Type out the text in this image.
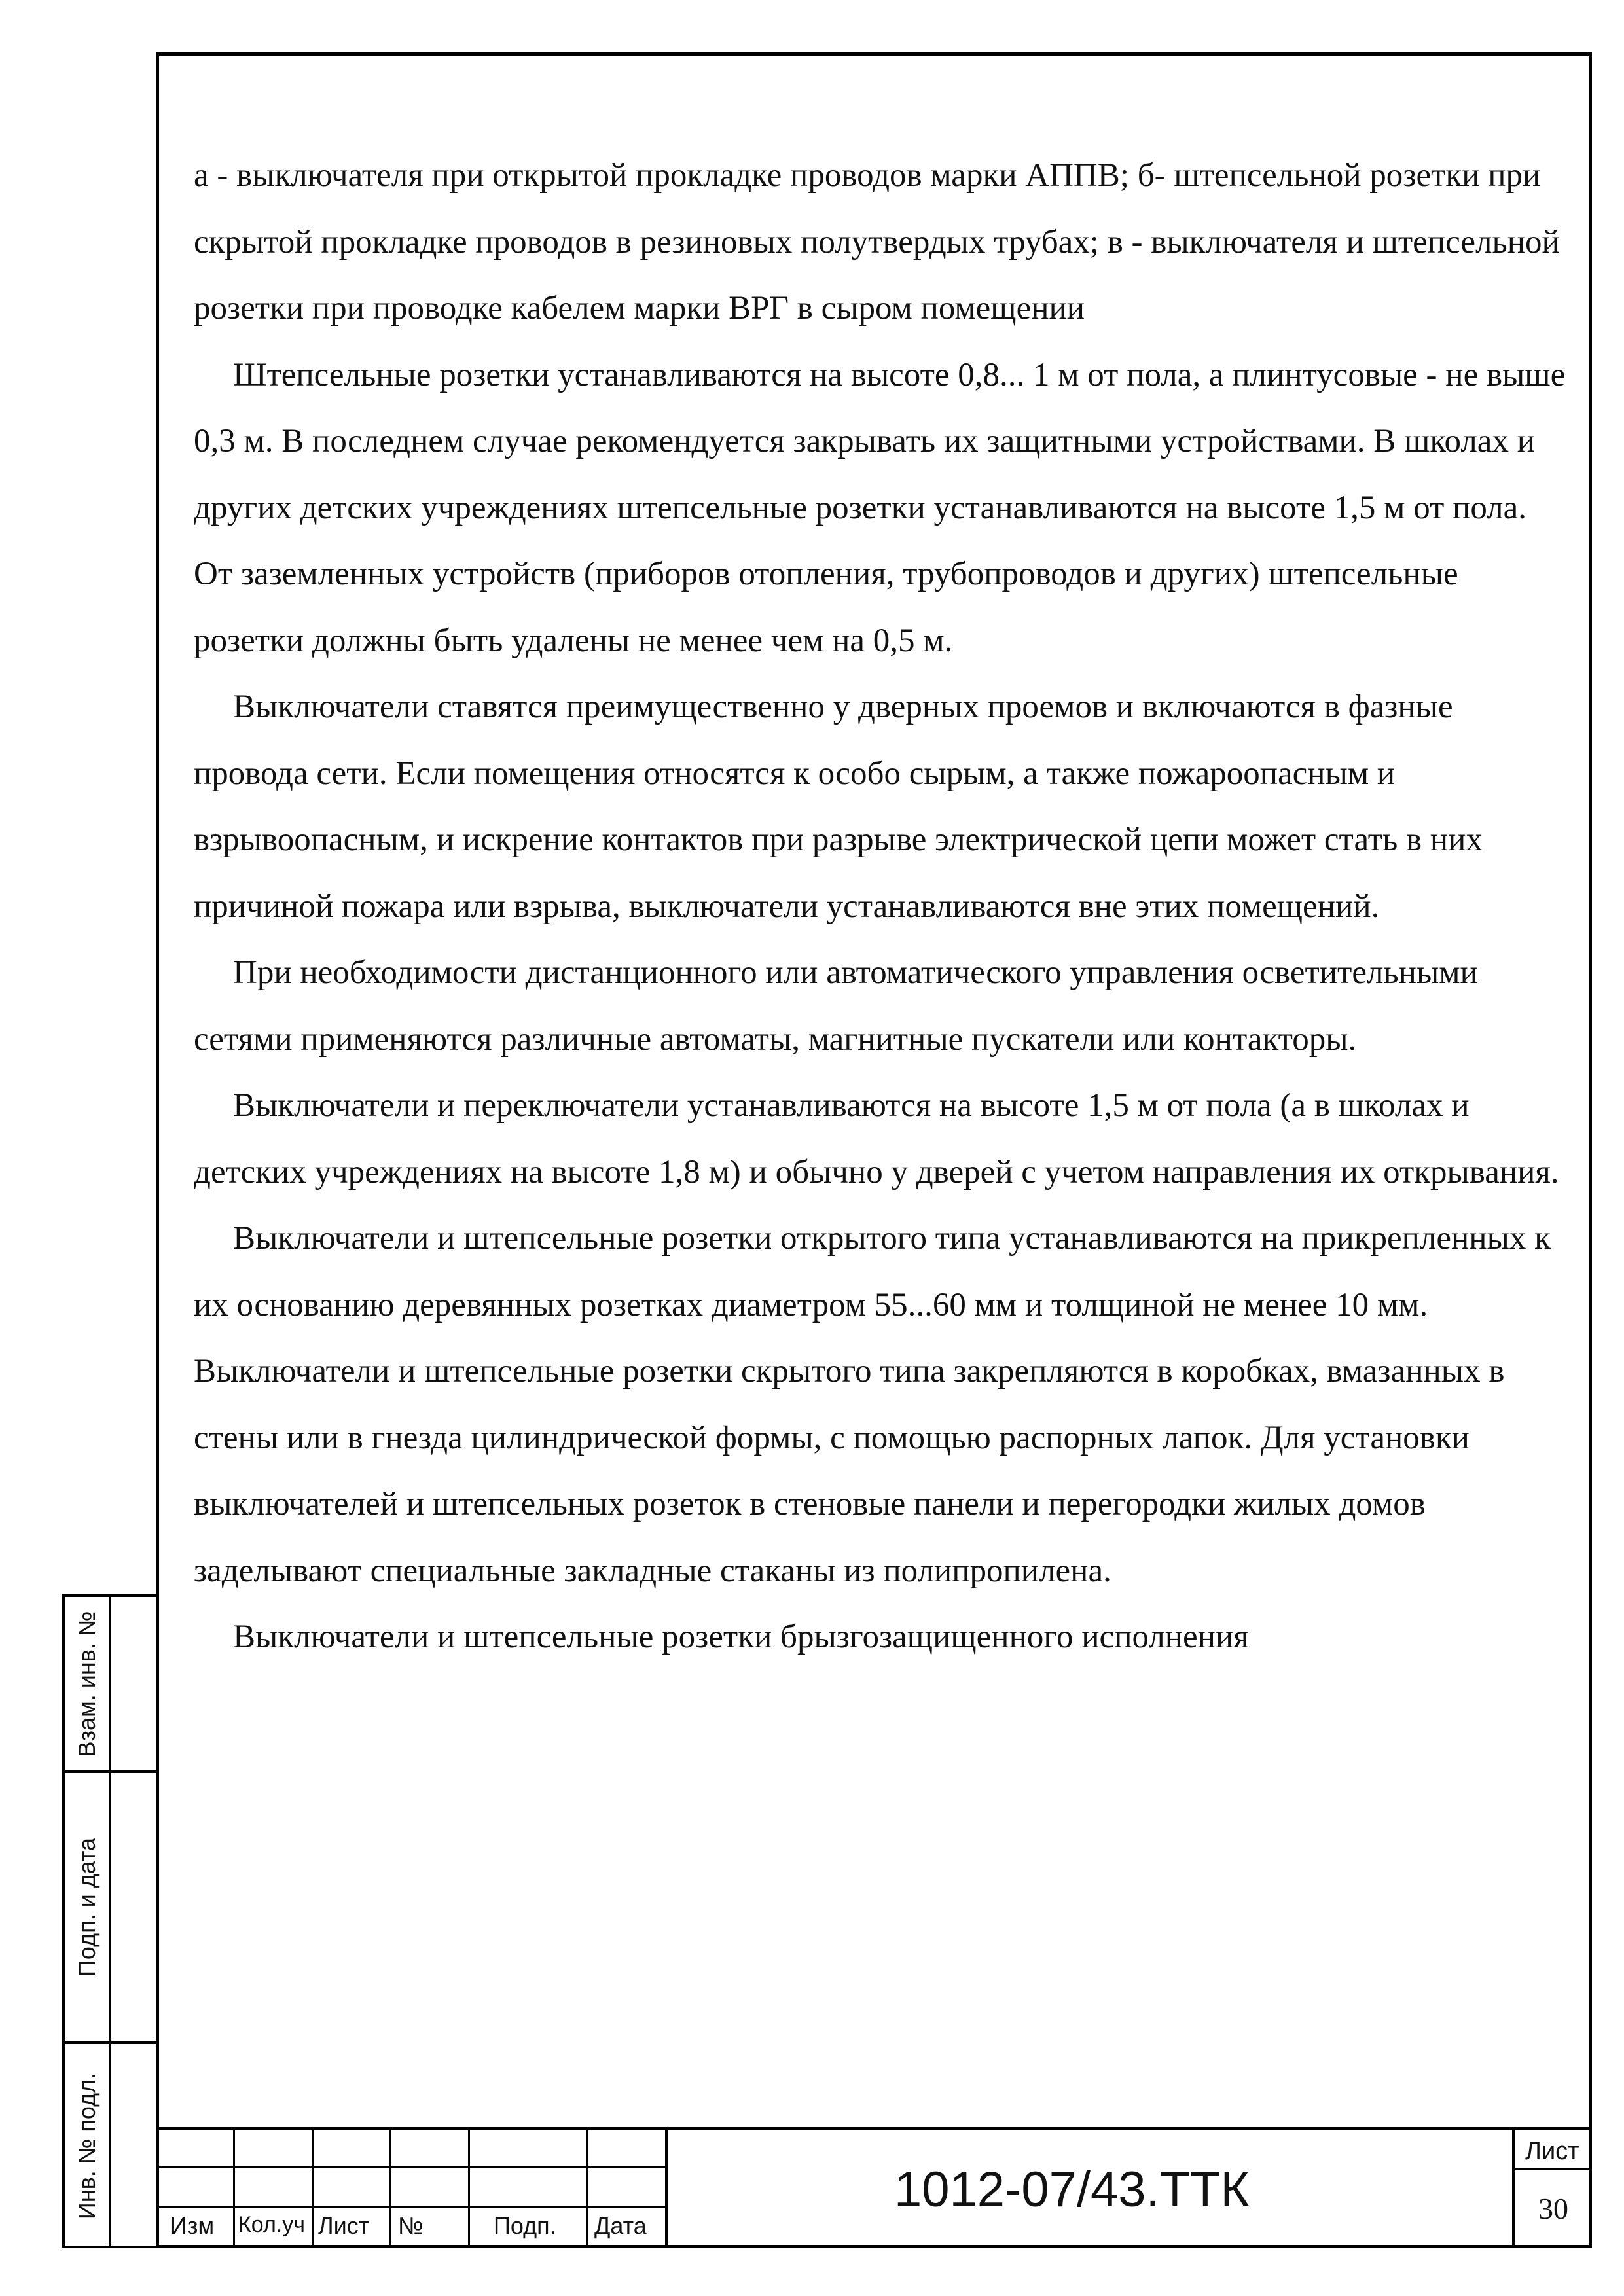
а - выключателя при открытой прокладке проводов марки АППВ; б- штепсельной розетки при скрытой прокладке проводов в резиновых полутвердых трубах; в - выключателя и штепсельной розетки при проводке кабелем марки ВРГ в сыром помещении

Штепсельные розетки устанавливаются на высоте 0,8... 1 м от пола, а плинтусовые - не выше 0,3 м. В последнем случае рекомендуется закрывать их защитными устройствами. В школах и других детских учреждениях штепсельные розетки устанавливаются на высоте 1,5 м от пола. От заземленных устройств (приборов отопления, трубопроводов и других) штепсельные розетки должны быть удалены не менее чем на 0,5 м.

Выключатели ставятся преимущественно у дверных проемов и включаются в фазные провода сети. Если помещения относятся к особо сырым, а также пожароопасным и взрывоопасным, и искрение контактов при разрыве электрической цепи может стать в них причиной пожара или взрыва, выключатели устанавливаются вне этих помещений.

При необходимости дистанционного или автоматического управления осветительными сетями применяются различные автоматы, магнитные пускатели или контакторы.

Выключатели и переключатели устанавливаются на высоте 1,5 м от пола (а в школах и детских учреждениях на высоте 1,8 м) и обычно у дверей с учетом направления их открывания.

Выключатели и штепсельные розетки открытого типа устанавливаются на прикрепленных к их основанию деревянных розетках диаметром 55...60 мм и толщиной не менее 10 мм. Выключатели и штепсельные розетки скрытого типа закрепляются в коробках, вмазанных в стены или в гнезда цилиндрической формы, с помощью распорных лапок. Для установки выключателей и штепсельных розеток в стеновые панели и перегородки жилых домов заделывают специальные закладные стаканы из полипропилена.

Выключатели и штепсельные розетки брызгозащищенного исполнения

Взам. инв. №
Подп. и дата
Инв. № подл.
Изм Кол.уч Лист №	Подп. Дата
1012-07/43.ТТК
Лист
30
